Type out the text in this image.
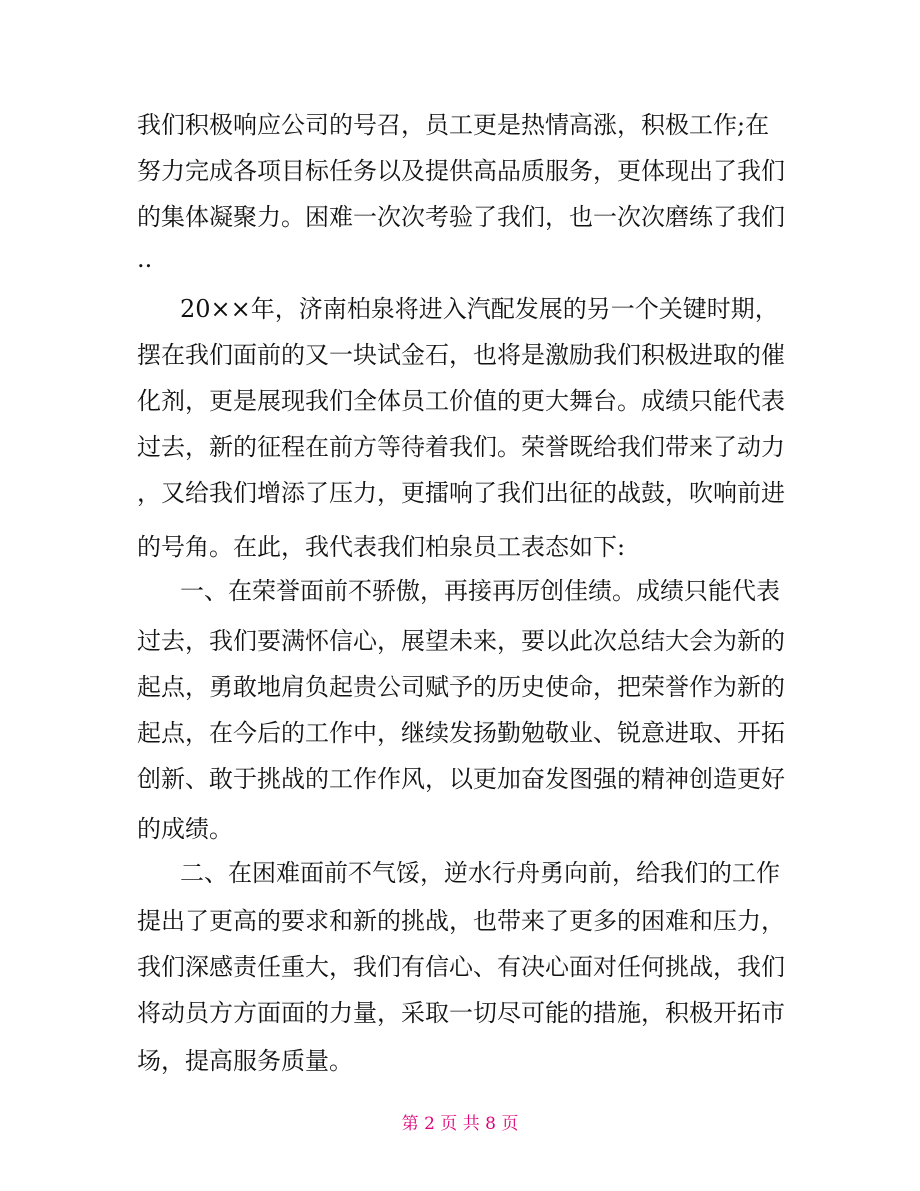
我们积极响应公司的号召，员工更是热情高涨，积极工作;在
努力完成各项目标任务以及提供高品质服务，更体现出了我们
的集体凝聚力。困难一次次考验了我们，也一次次磨练了我们
..
20××年，济南柏泉将进入汽配发展的另一个关键时期，
摆在我们面前的又一块试金石，也将是激励我们积极进取的催
化剂，更是展现我们全体员工价值的更大舞台。成绩只能代表
过去，新的征程在前方等待着我们。荣誉既给我们带来了动力
，又给我们增添了压力，更擂响了我们出征的战鼓，吹响前进
的号角。在此，我代表我们柏泉员工表态如下:
一、在荣誉面前不骄傲，再接再厉创佳绩。成绩只能代表
过去，我们要满怀信心，展望未来，要以此次总结大会为新的
起点，勇敢地肩负起贵公司赋予的历史使命，把荣誉作为新的
起点，在今后的工作中，继续发扬勤勉敬业、锐意进取、开拓
创新、敢于挑战的工作作风，以更加奋发图强的精神创造更好
的成绩。
二、在困难面前不气馁，逆水行舟勇向前，给我们的工作
提出了更高的要求和新的挑战，也带来了更多的困难和压力，
我们深感责任重大，我们有信心、有决心面对任何挑战，我们
将动员方方面面的力量，采取一切尽可能的措施，积极开拓市
场，提高服务质量。
第 2 页 共 8 页
